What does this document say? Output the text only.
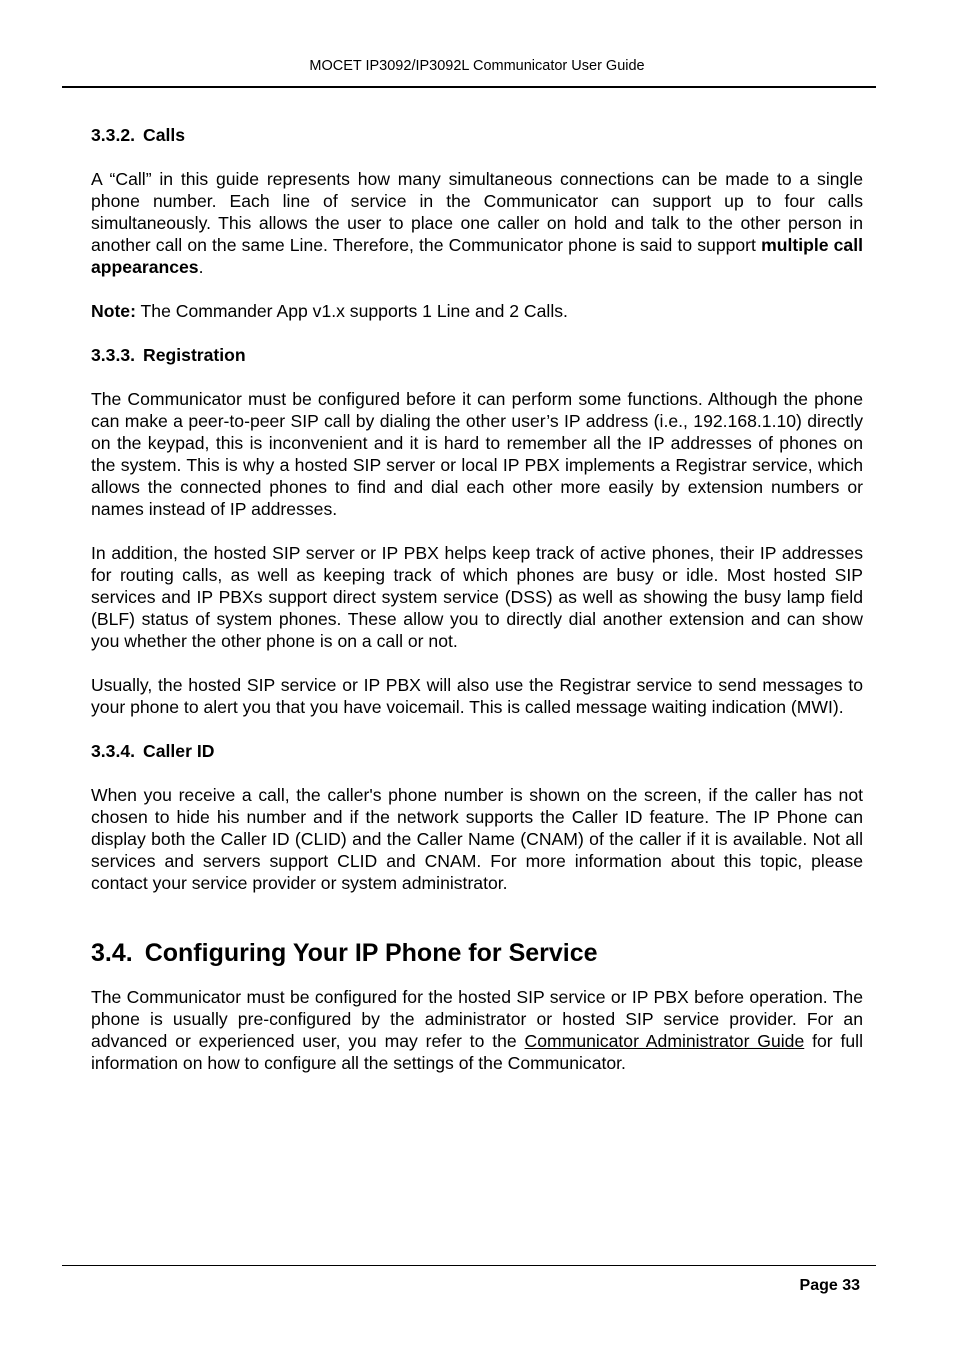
MOCET IP3092/IP3092L Communicator User Guide
3.3.2. Calls

A “Call” in this guide represents how many simultaneous connections can be made to a single phone number. Each line of service in the Communicator can support up to four calls simultaneously. This allows the user to place one caller on hold and talk to the other person in another call on the same Line. Therefore, the Communicator phone is said to support multiple call appearances.

Note: The Commander App v1.x supports 1 Line and 2 Calls.

3.3.3. Registration

The Communicator must be configured before it can perform some functions. Although the phone can make a peer-to-peer SIP call by dialing the other user’s IP address (i.e., 192.168.1.10) directly on the keypad, this is inconvenient and it is hard to remember all the IP addresses of phones on the system. This is why a hosted SIP server or local IP PBX implements a Registrar service, which allows the connected phones to find and dial each other more easily by extension numbers or names instead of IP addresses.

In addition, the hosted SIP server or IP PBX helps keep track of active phones, their IP addresses for routing calls, as well as keeping track of which phones are busy or idle. Most hosted SIP services and IP PBXs support direct system service (DSS) as well as showing the busy lamp field (BLF) status of system phones. These allow you to directly dial another extension and can show you whether the other phone is on a call or not.

Usually, the hosted SIP service or IP PBX will also use the Registrar service to send messages to your phone to alert you that you have voicemail. This is called message waiting indication (MWI).

3.3.4. Caller ID

When you receive a call, the caller's phone number is shown on the screen, if the caller has not chosen to hide his number and if the network supports the Caller ID feature. The IP Phone can display both the Caller ID (CLID) and the Caller Name (CNAM) of the caller if it is available. Not all services and servers support CLID and CNAM. For more information about this topic, please contact your service provider or system administrator.

3.4. Configuring Your IP Phone for Service

The Communicator must be configured for the hosted SIP service or IP PBX before operation. The phone is usually pre-configured by the administrator or hosted SIP service provider. For an advanced or experienced user, you may refer to the Communicator Administrator Guide for full information on how to configure all the settings of the Communicator.

Page 33
